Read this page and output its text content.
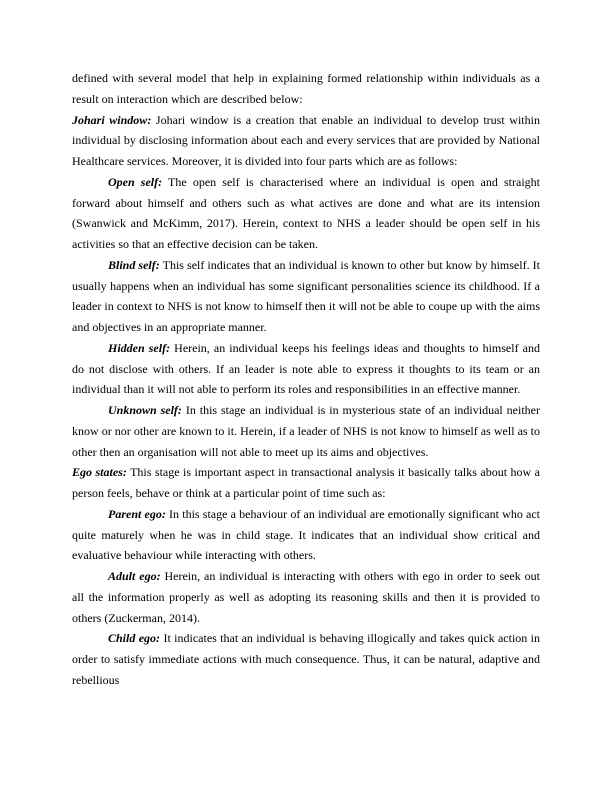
defined with several model that help in explaining formed relationship within individuals as a result on interaction which are described below:

Johari window: Johari window is a creation that enable an individual to develop trust within individual by disclosing information about each and every services that are provided by National Healthcare services. Moreover, it is divided into four parts which are as follows:

Open self: The open self is characterised where an individual is open and straight forward about himself and others such as what actives are done and what are its intension (Swanwick and McKimm, 2017). Herein, context to NHS a leader should be open self in his activities so that an effective decision can be taken.

Blind self: This self indicates that an individual is known to other but know by himself. It usually happens when an individual has some significant personalities science its childhood. If a leader in context to NHS is not know to himself then it will not be able to coupe up with the aims and objectives in an appropriate manner.

Hidden self: Herein, an individual keeps his feelings ideas and thoughts to himself and do not disclose with others. If an leader is note able to express it thoughts to its team or an individual than it will not able to perform its roles and responsibilities in an effective manner.

Unknown self: In this stage an individual is in mysterious state of an individual neither know or nor other are known to it. Herein, if a leader of NHS is not know to himself as well as to other then an organisation will not able to meet up its aims and objectives.

Ego states: This stage is important aspect in transactional analysis it basically talks about how a person feels, behave or think at a particular point of time such as:

Parent ego: In this stage a behaviour of an individual are emotionally significant who act quite maturely when he was in child stage. It indicates that an individual show critical and evaluative behaviour while interacting with others.

Adult ego: Herein, an individual is interacting with others with ego in order to seek out all the information properly as well as adopting its reasoning skills and then it is provided to others (Zuckerman, 2014).

Child ego: It indicates that an individual is behaving illogically and takes quick action in order to satisfy immediate actions with much consequence. Thus, it can be natural, adaptive and rebellious
